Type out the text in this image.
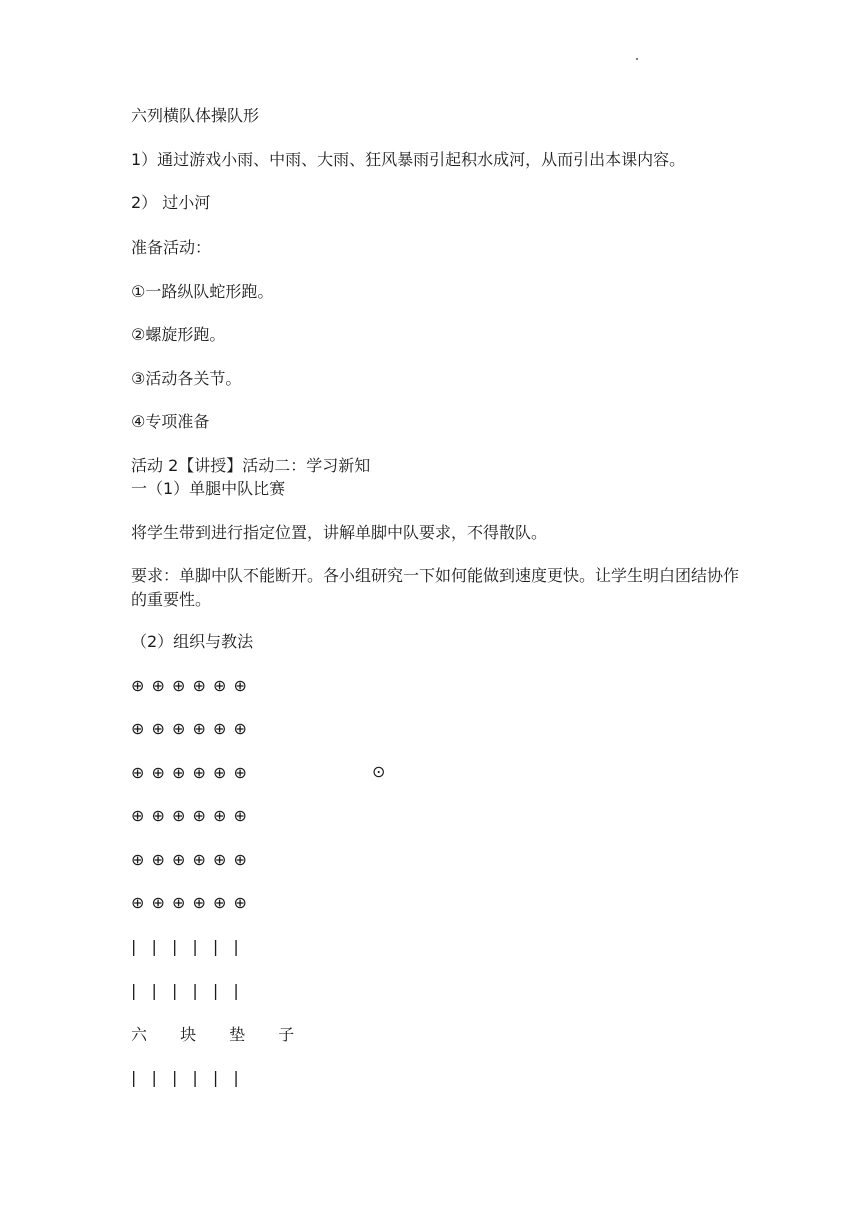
六列横队体操队形
1）通过游戏小雨、中雨、大雨、狂风暴雨引起积水成河，从而引出本课内容。
2） 过小河
准备活动：
①一路纵队蛇形跑。
②螺旋形跑。
③活动各关节。
④专项准备
活动 2【讲授】活动二：学习新知
一（1）单腿中队比赛
将学生带到进行指定位置，讲解单脚中队要求，不得散队。
要求：单脚中队不能断开。各小组研究一下如何能做到速度更快。让学生明白团结协作的重要性。
（2）组织与教法
⊕ ⊕ ⊕ ⊕ ⊕ ⊕
⊕ ⊕ ⊕ ⊕ ⊕ ⊕
⊕ ⊕ ⊕ ⊕ ⊕ ⊕	⊙
⊕ ⊕ ⊕ ⊕ ⊕ ⊕
⊕ ⊕ ⊕ ⊕ ⊕ ⊕
⊕ ⊕ ⊕ ⊕ ⊕ ⊕
| | | | | |
| | | | | |
六 块 垫 子
| | | | | |
